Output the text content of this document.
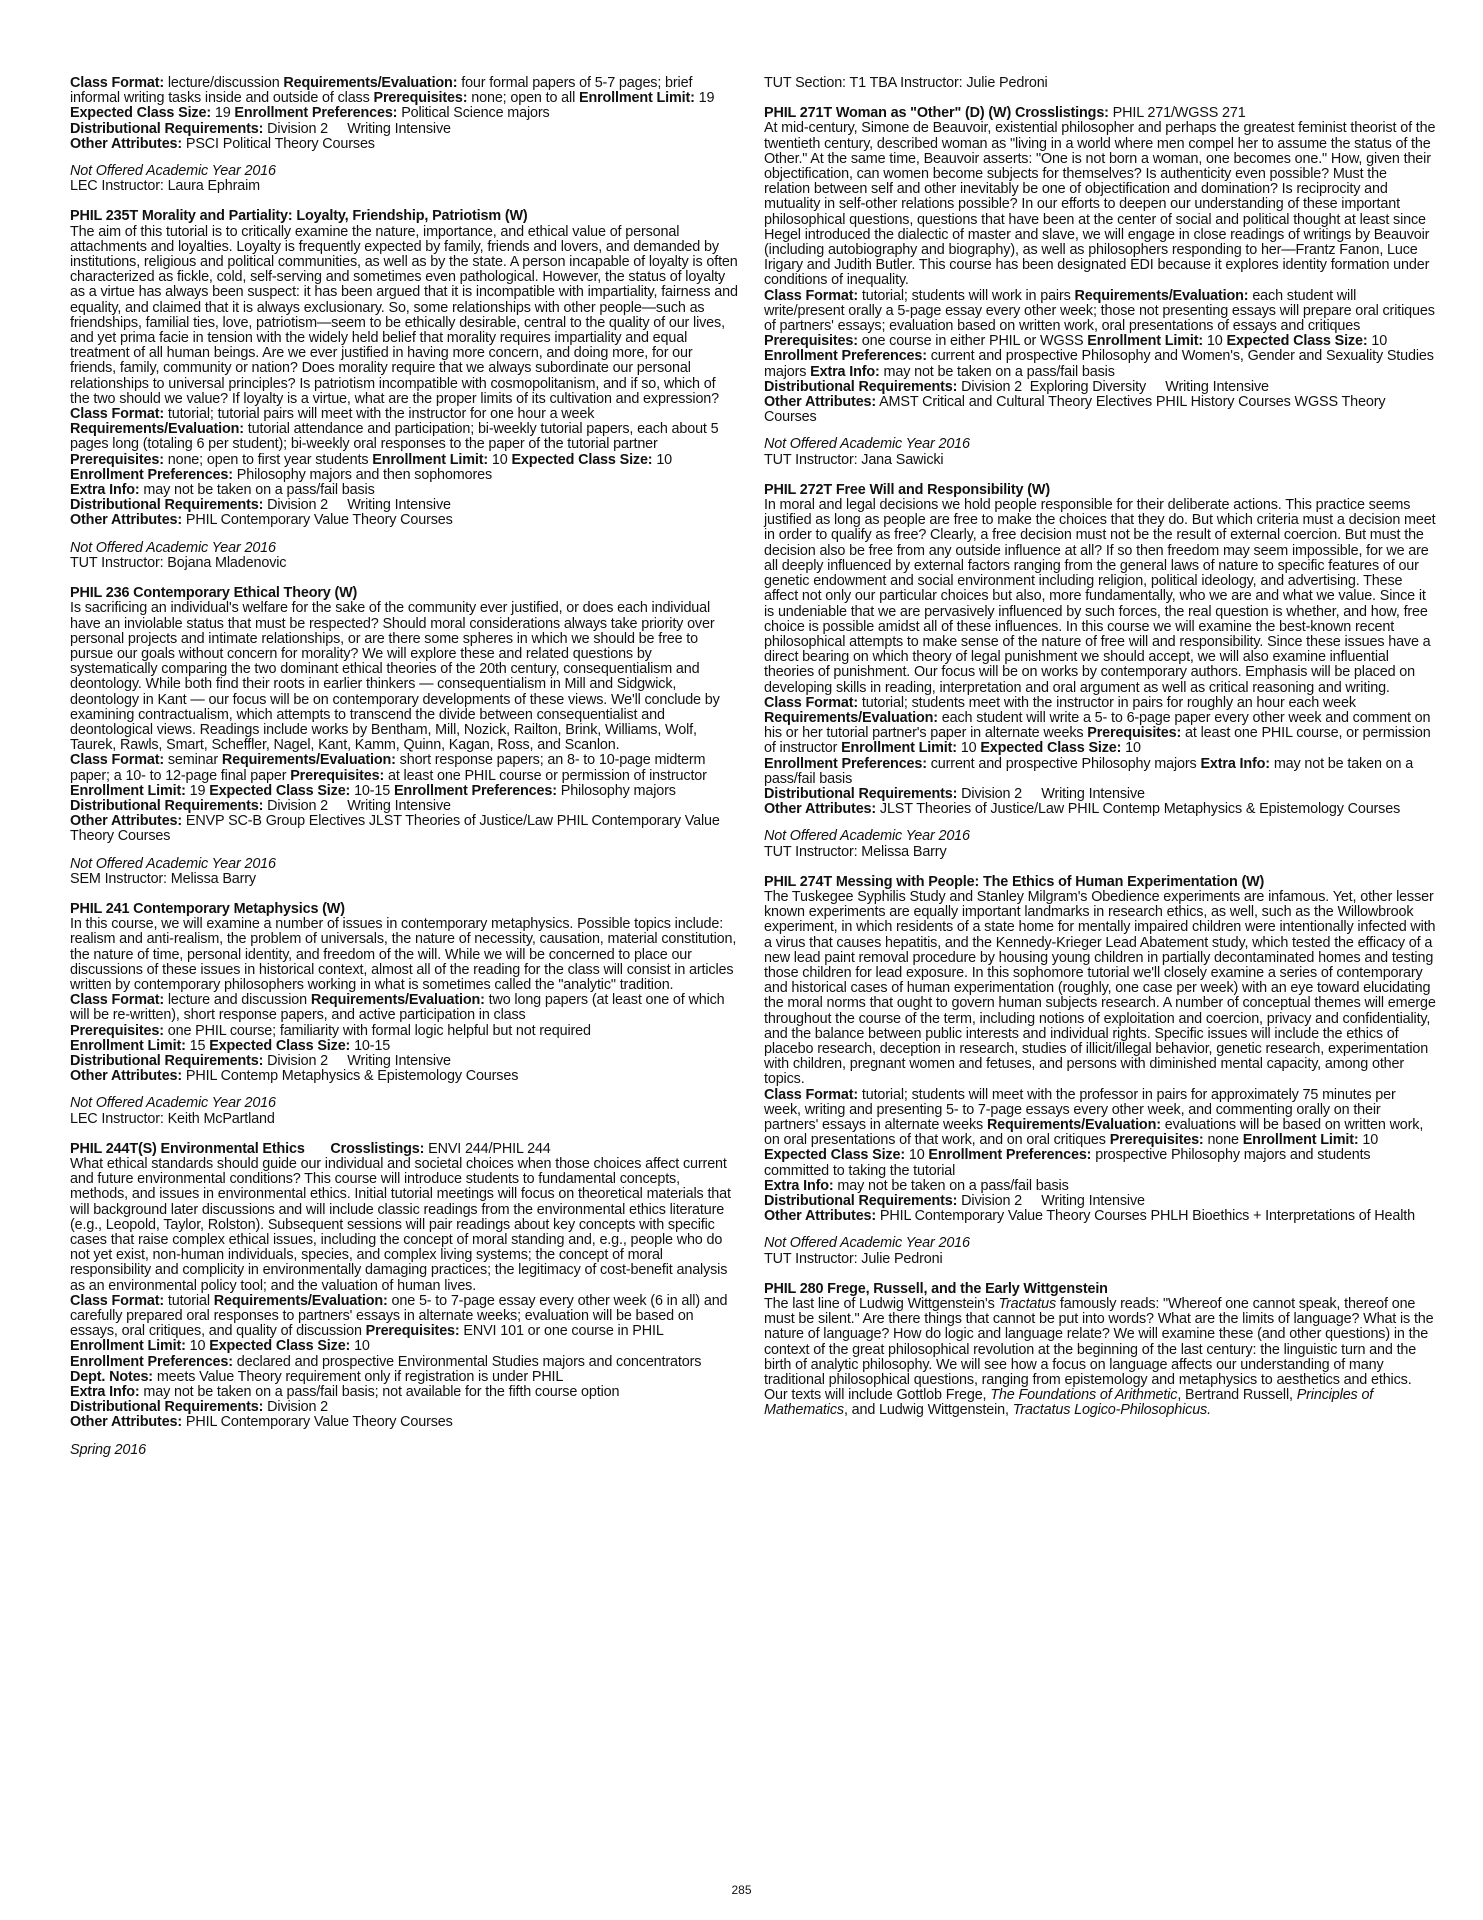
Class Format: lecture/discussion Requirements/Evaluation: four formal papers of 5-7 pages; brief informal writing tasks inside and outside of class Prerequisites: none; open to all Enrollment Limit: 19 Expected Class Size: 19 Enrollment Preferences: Political Science majors
Distributional Requirements: Division 2     Writing Intensive
Other Attributes: PSCI Political Theory Courses
Not Offered Academic Year 2016
LEC Instructor: Laura Ephraim
PHIL 235T Morality and Partiality: Loyalty, Friendship, Patriotism (W)
The aim of this tutorial is to critically examine the nature, importance, and ethical value of personal attachments and loyalties. Loyalty is frequently expected by family, friends and lovers, and demanded by institutions, religious and political communities, as well as by the state. A person incapable of loyalty is often characterized as fickle, cold, self-serving and sometimes even pathological. However, the status of loyalty as a virtue has always been suspect: it has been argued that it is incompatible with impartiality, fairness and equality, and claimed that it is always exclusionary. So, some relationships with other people—such as friendships, familial ties, love, patriotism—seem to be ethically desirable, central to the quality of our lives, and yet prima facie in tension with the widely held belief that morality requires impartiality and equal treatment of all human beings. Are we ever justified in having more concern, and doing more, for our friends, family, community or nation? Does morality require that we always subordinate our personal relationships to universal principles? Is patriotism incompatible with cosmopolitanism, and if so, which of the two should we value? If loyalty is a virtue, what are the proper limits of its cultivation and expression?
Class Format: tutorial; tutorial pairs will meet with the instructor for one hour a week
Requirements/Evaluation: tutorial attendance and participation; bi-weekly tutorial papers, each about 5 pages long (totaling 6 per student); bi-weekly oral responses to the paper of the tutorial partner Prerequisites: none; open to first year students Enrollment Limit: 10 Expected Class Size: 10 Enrollment Preferences: Philosophy majors and then sophomores
Extra Info: may not be taken on a pass/fail basis
Distributional Requirements: Division 2     Writing Intensive
Other Attributes: PHIL Contemporary Value Theory Courses
Not Offered Academic Year 2016
TUT Instructor: Bojana Mladenovic
PHIL 236 Contemporary Ethical Theory (W)
Is sacrificing an individual's welfare for the sake of the community ever justified, or does each individual have an inviolable status that must be respected? Should moral considerations always take priority over personal projects and intimate relationships, or are there some spheres in which we should be free to pursue our goals without concern for morality? We will explore these and related questions by systematically comparing the two dominant ethical theories of the 20th century, consequentialism and deontology. While both find their roots in earlier thinkers — consequentialism in Mill and Sidgwick, deontology in Kant — our focus will be on contemporary developments of these views. We'll conclude by examining contractualism, which attempts to transcend the divide between consequentialist and deontological views. Readings include works by Bentham, Mill, Nozick, Railton, Brink, Williams, Wolf, Taurek, Rawls, Smart, Scheffler, Nagel, Kant, Kamm, Quinn, Kagan, Ross, and Scanlon.
Class Format: seminar Requirements/Evaluation: short response papers; an 8- to 10-page midterm paper; a 10- to 12-page final paper Prerequisites: at least one PHIL course or permission of instructor Enrollment Limit: 19 Expected Class Size: 10-15 Enrollment Preferences: Philosophy majors
Distributional Requirements: Division 2     Writing Intensive
Other Attributes: ENVP SC-B Group Electives JLST Theories of Justice/Law PHIL Contemporary Value Theory Courses
Not Offered Academic Year 2016
SEM Instructor: Melissa Barry
PHIL 241 Contemporary Metaphysics (W)
In this course, we will examine a number of issues in contemporary metaphysics. Possible topics include: realism and anti-realism, the problem of universals, the nature of necessity, causation, material constitution, the nature of time, personal identity, and freedom of the will. While we will be concerned to place our discussions of these issues in historical context, almost all of the reading for the class will consist in articles written by contemporary philosophers working in what is sometimes called the "analytic" tradition.
Class Format: lecture and discussion Requirements/Evaluation: two long papers (at least one of which will be re-written), short response papers, and active participation in class
Prerequisites: one PHIL course; familiarity with formal logic helpful but not required
Enrollment Limit: 15 Expected Class Size: 10-15
Distributional Requirements: Division 2     Writing Intensive
Other Attributes: PHIL Contemp Metaphysics & Epistemology Courses
Not Offered Academic Year 2016
LEC Instructor: Keith McPartland
PHIL 244T(S) Environmental Ethics Crosslistings: ENVI 244/PHIL 244
What ethical standards should guide our individual and societal choices when those choices affect current and future environmental conditions? This course will introduce students to fundamental concepts, methods, and issues in environmental ethics. Initial tutorial meetings will focus on theoretical materials that will background later discussions and will include classic readings from the environmental ethics literature (e.g., Leopold, Taylor, Rolston). Subsequent sessions will pair readings about key concepts with specific cases that raise complex ethical issues, including the concept of moral standing and, e.g., people who do not yet exist, non-human individuals, species, and complex living systems; the concept of moral responsibility and complicity in environmentally damaging practices; the legitimacy of cost-benefit analysis as an environmental policy tool; and the valuation of human lives.
Class Format: tutorial Requirements/Evaluation: one 5- to 7-page essay every other week (6 in all) and carefully prepared oral responses to partners' essays in alternate weeks; evaluation will be based on essays, oral critiques, and quality of discussion Prerequisites: ENVI 101 or one course in PHIL Enrollment Limit: 10 Expected Class Size: 10
Enrollment Preferences: declared and prospective Environmental Studies majors and concentrators Dept. Notes: meets Value Theory requirement only if registration is under PHIL
Extra Info: may not be taken on a pass/fail basis; not available for the fifth course option
Distributional Requirements: Division 2
Other Attributes: PHIL Contemporary Value Theory Courses
Spring 2016
TUT Section: T1 TBA Instructor: Julie Pedroni
PHIL 271T Woman as "Other" (D) (W) Crosslistings: PHIL 271/WGSS 271
At mid-century, Simone de Beauvoir, existential philosopher and perhaps the greatest feminist theorist of the twentieth century, described woman as "living in a world where men compel her to assume the status of the Other." At the same time, Beauvoir asserts: "One is not born a woman, one becomes one." How, given their objectification, can women become subjects for themselves? Is authenticity even possible? Must the relation between self and other inevitably be one of objectification and domination? Is reciprocity and mutuality in self-other relations possible? In our efforts to deepen our understanding of these important philosophical questions, questions that have been at the center of social and political thought at least since Hegel introduced the dialectic of master and slave, we will engage in close readings of writings by Beauvoir (including autobiography and biography), as well as philosophers responding to her—Frantz Fanon, Luce Irigary and Judith Butler. This course has been designated EDI because it explores identity formation under conditions of inequality.
Class Format: tutorial; students will work in pairs Requirements/Evaluation: each student will write/present orally a 5-page essay every other week; those not presenting essays will prepare oral critiques of partners' essays; evaluation based on written work, oral presentations of essays and critiques Prerequisites: one course in either PHIL or WGSS Enrollment Limit: 10 Expected Class Size: 10 Enrollment Preferences: current and prospective Philosophy and Women's, Gender and Sexuality Studies majors Extra Info: may not be taken on a pass/fail basis
Distributional Requirements: Division 2  Exploring Diversity     Writing Intensive
Other Attributes: AMST Critical and Cultural Theory Electives PHIL History Courses WGSS Theory Courses
Not Offered Academic Year 2016
TUT Instructor: Jana Sawicki
PHIL 272T Free Will and Responsibility (W)
In moral and legal decisions we hold people responsible for their deliberate actions. This practice seems justified as long as people are free to make the choices that they do. But which criteria must a decision meet in order to qualify as free? Clearly, a free decision must not be the result of external coercion. But must the decision also be free from any outside influence at all? If so then freedom may seem impossible, for we are all deeply influenced by external factors ranging from the general laws of nature to specific features of our genetic endowment and social environment including religion, political ideology, and advertising. These affect not only our particular choices but also, more fundamentally, who we are and what we value. Since it is undeniable that we are pervasively influenced by such forces, the real question is whether, and how, free choice is possible amidst all of these influences. In this course we will examine the best-known recent philosophical attempts to make sense of the nature of free will and responsibility. Since these issues have a direct bearing on which theory of legal punishment we should accept, we will also examine influential theories of punishment. Our focus will be on works by contemporary authors. Emphasis will be placed on developing skills in reading, interpretation and oral argument as well as critical reasoning and writing.
Class Format: tutorial; students meet with the instructor in pairs for roughly an hour each week
Requirements/Evaluation: each student will write a 5- to 6-page paper every other week and comment on his or her tutorial partner's paper in alternate weeks Prerequisites: at least one PHIL course, or permission of instructor Enrollment Limit: 10 Expected Class Size: 10
Enrollment Preferences: current and prospective Philosophy majors Extra Info: may not be taken on a pass/fail basis
Distributional Requirements: Division 2     Writing Intensive
Other Attributes: JLST Theories of Justice/Law PHIL Contemp Metaphysics & Epistemology Courses
Not Offered Academic Year 2016
TUT Instructor: Melissa Barry
PHIL 274T Messing with People: The Ethics of Human Experimentation (W)
The Tuskegee Syphilis Study and Stanley Milgram's Obedience experiments are infamous. Yet, other lesser known experiments are equally important landmarks in research ethics, as well, such as the Willowbrook experiment, in which residents of a state home for mentally impaired children were intentionally infected with a virus that causes hepatitis, and the Kennedy-Krieger Lead Abatement study, which tested the efficacy of a new lead paint removal procedure by housing young children in partially decontaminated homes and testing those children for lead exposure. In this sophomore tutorial we'll closely examine a series of contemporary and historical cases of human experimentation (roughly, one case per week) with an eye toward elucidating the moral norms that ought to govern human subjects research. A number of conceptual themes will emerge throughout the course of the term, including notions of exploitation and coercion, privacy and confidentiality, and the balance between public interests and individual rights. Specific issues will include the ethics of placebo research, deception in research, studies of illicit/illegal behavior, genetic research, experimentation with children, pregnant women and fetuses, and persons with diminished mental capacity, among other topics.
Class Format: tutorial; students will meet with the professor in pairs for approximately 75 minutes per week, writing and presenting 5- to 7-page essays every other week, and commenting orally on their partners' essays in alternate weeks Requirements/Evaluation: evaluations will be based on written work, on oral presentations of that work, and on oral critiques Prerequisites: none Enrollment Limit: 10 Expected Class Size: 10 Enrollment Preferences: prospective Philosophy majors and students committed to taking the tutorial
Extra Info: may not be taken on a pass/fail basis
Distributional Requirements: Division 2     Writing Intensive
Other Attributes: PHIL Contemporary Value Theory Courses PHLH Bioethics + Interpretations of Health
Not Offered Academic Year 2016
TUT Instructor: Julie Pedroni
PHIL 280 Frege, Russell, and the Early Wittgenstein
The last line of Ludwig Wittgenstein's Tractatus famously reads: "Whereof one cannot speak, thereof one must be silent." Are there things that cannot be put into words? What are the limits of language? What is the nature of language? How do logic and language relate? We will examine these (and other questions) in the context of the great philosophical revolution at the beginning of the last century: the linguistic turn and the birth of analytic philosophy. We will see how a focus on language affects our understanding of many traditional philosophical questions, ranging from epistemology and metaphysics to aesthetics and ethics. Our texts will include Gottlob Frege, The Foundations of Arithmetic, Bertrand Russell, Principles of Mathematics, and Ludwig Wittgenstein, Tractatus Logico-Philosophicus.
285
